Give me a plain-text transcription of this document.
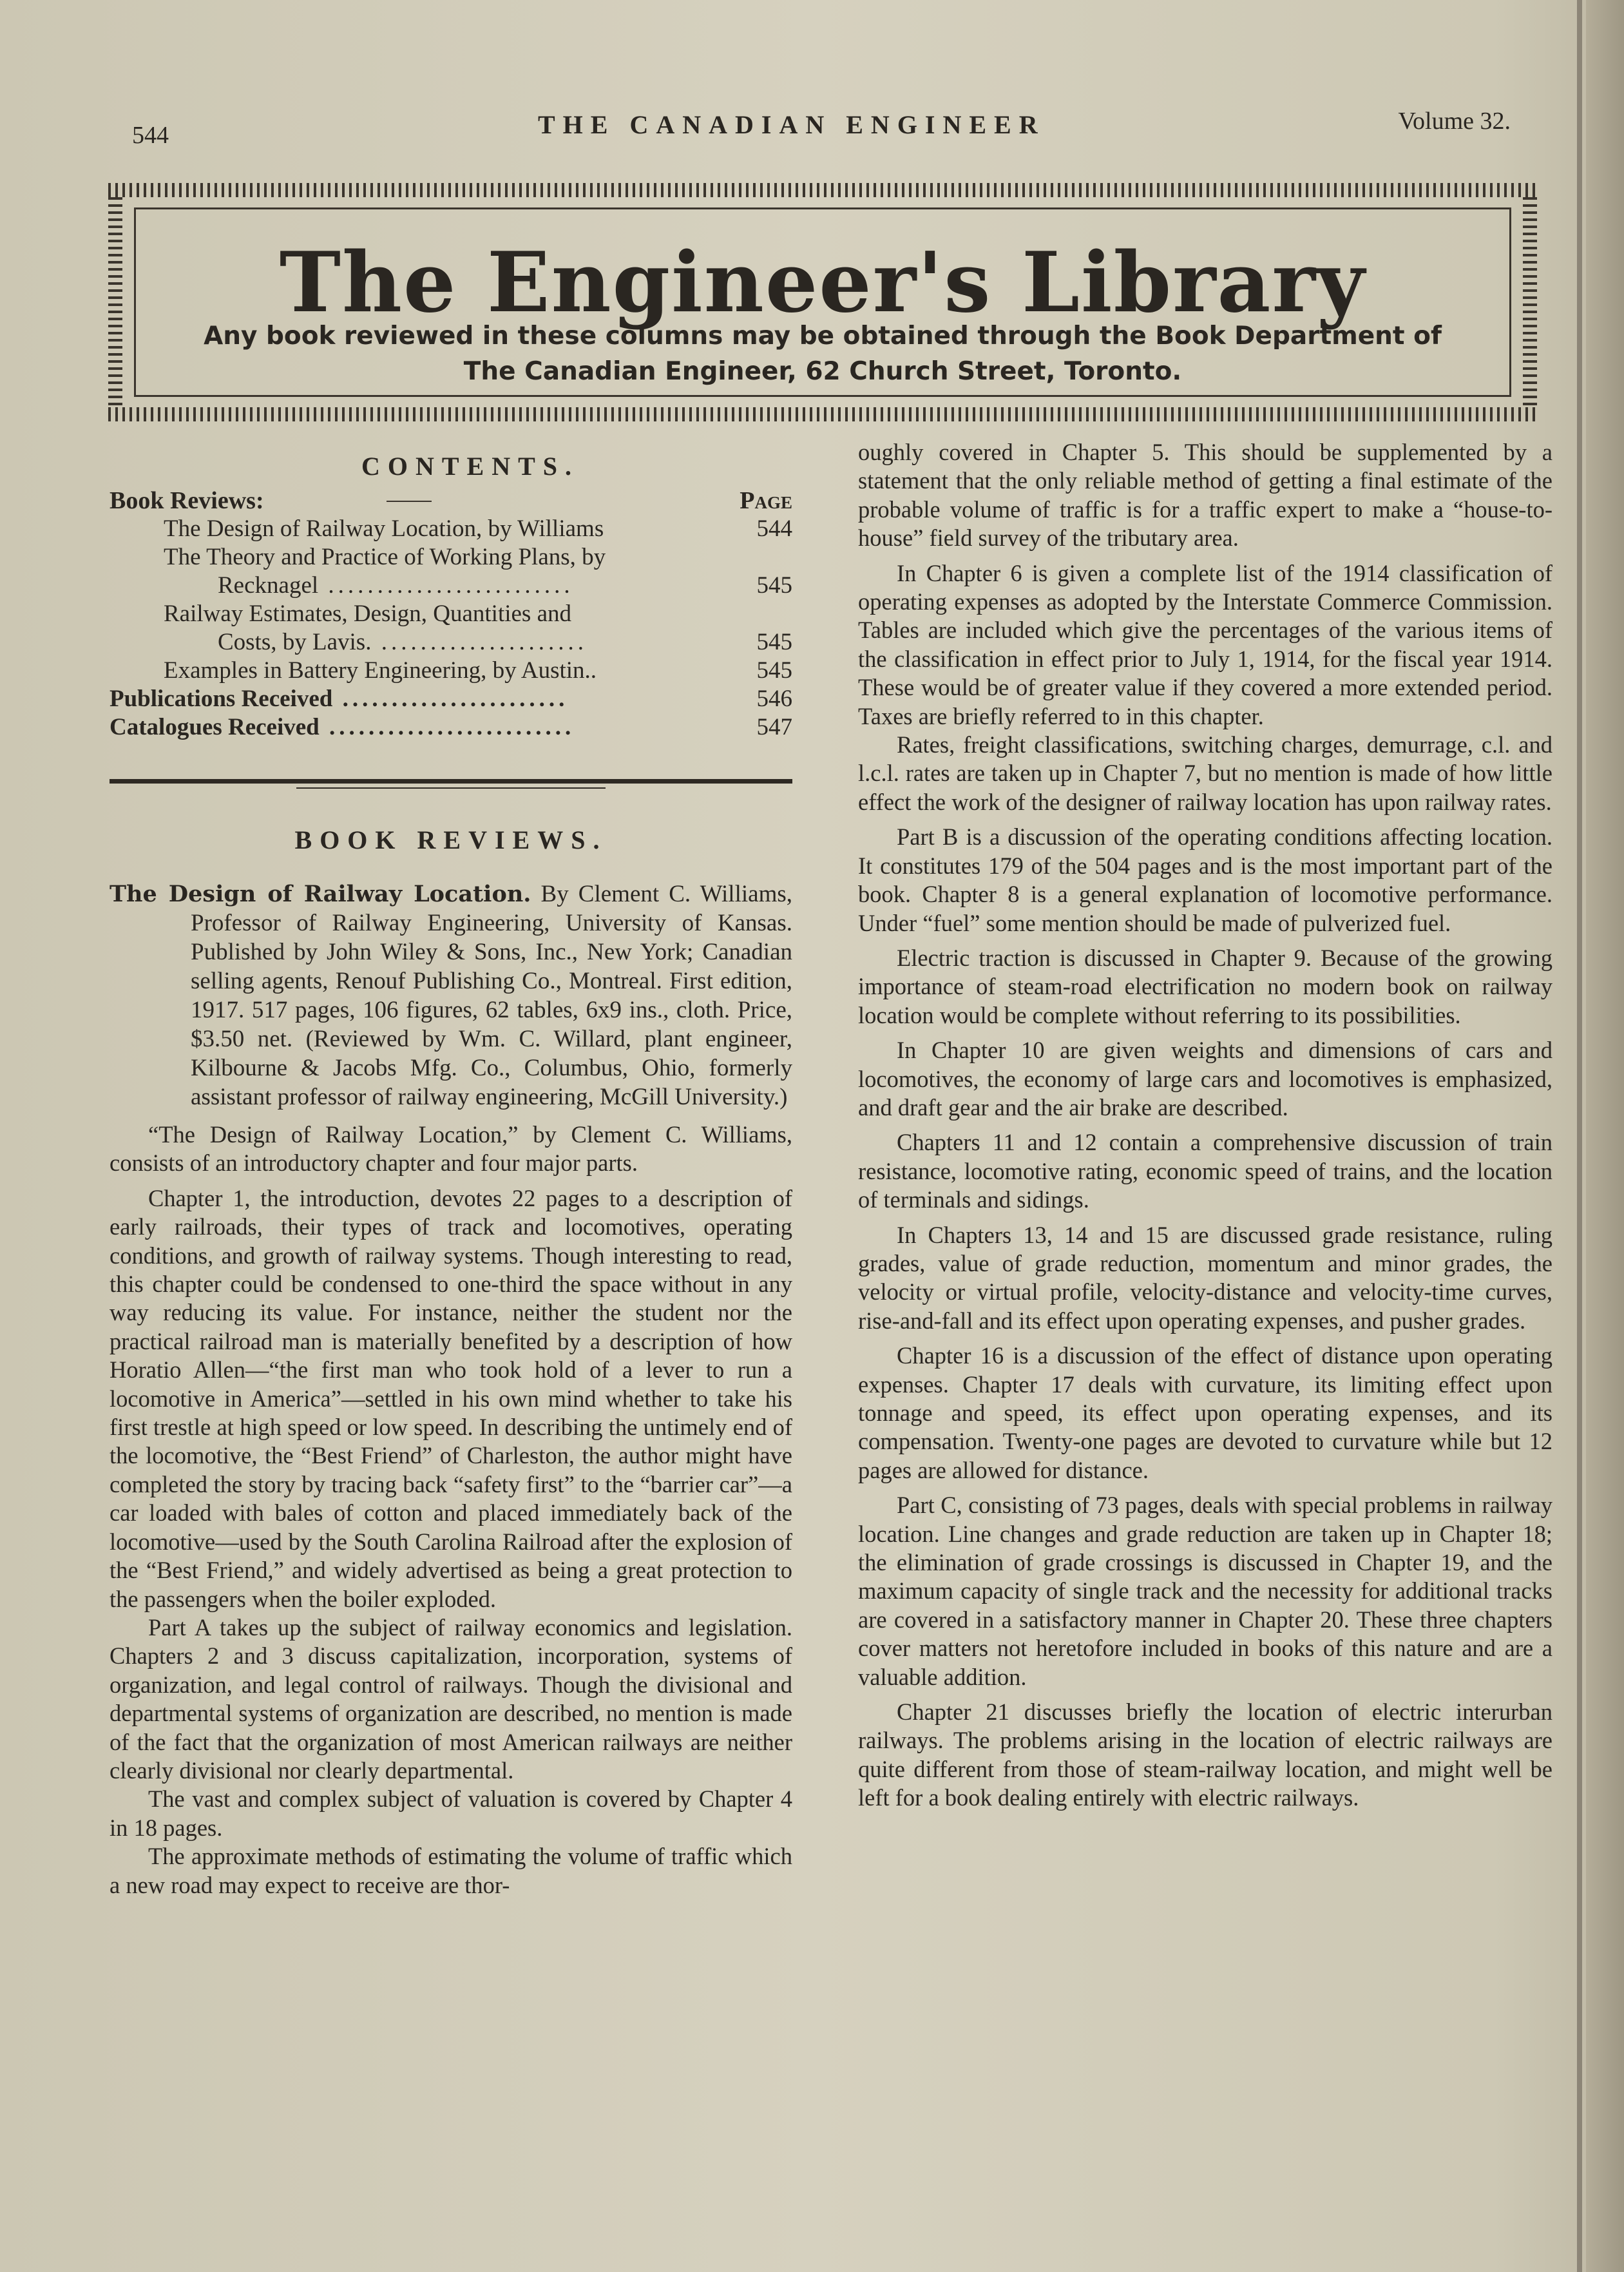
544	THE CANADIAN ENGINEER	Volume 32.
The Engineer's Library
Any book reviewed in these columns may be obtained through the Book Department of
The Canadian Engineer, 62 Church Street, Toronto.
CONTENTS.
Book Reviews:	Page
The Design of Railway Location, by Williams	544
The Theory and Practice of Working Plans, by
Recknagel .........................	545
Railway Estimates, Design, Quantities and
Costs, by Lavis. .....................	545
Examples in Battery Engineering, by Austin..	545
Publications Received .......................	546
Catalogues Received .........................	547
BOOK REVIEWS.
The Design of Railway Location. By Clement C. Williams, Professor of Railway Engineering, University of Kansas. Published by John Wiley & Sons, Inc., New York; Canadian selling agents, Renouf Publishing Co., Montreal. First edition, 1917. 517 pages, 106 figures, 62 tables, 6x9 ins., cloth. Price, $3.50 net. (Reviewed by Wm. C. Willard, plant engineer, Kilbourne & Jacobs Mfg. Co., Columbus, Ohio, formerly assistant professor of railway engineering, McGill University.)

“The Design of Railway Location,” by Clement C. Williams, consists of an introductory chapter and four major parts.

Chapter 1, the introduction, devotes 22 pages to a description of early railroads, their types of track and locomotives, operating conditions, and growth of railway systems. Though interesting to read, this chapter could be condensed to one-third the space without in any way reducing its value. For instance, neither the student nor the practical railroad man is materially benefited by a description of how Horatio Allen—“the first man who took hold of a lever to run a locomotive in America”—settled in his own mind whether to take his first trestle at high speed or low speed. In describing the untimely end of the locomotive, the “Best Friend” of Charleston, the author might have completed the story by tracing back “safety first” to the “barrier car”—a car loaded with bales of cotton and placed immediately back of the locomotive—used by the South Carolina Railroad after the explosion of the “Best Friend,” and widely advertised as being a great protection to the passengers when the boiler exploded.

Part A takes up the subject of railway economics and legislation. Chapters 2 and 3 discuss capitalization, incorporation, systems of organization, and legal control of railways. Though the divisional and departmental systems of organization are described, no mention is made of the fact that the organization of most American railways are neither clearly divisional nor clearly departmental.

The vast and complex subject of valuation is covered by Chapter 4 in 18 pages.

The approximate methods of estimating the volume of traffic which a new road may expect to receive are thor-

oughly covered in Chapter 5. This should be supplemented by a statement that the only reliable method of getting a final estimate of the probable volume of traffic is for a traffic expert to make a “house-to-house” field survey of the tributary area.

In Chapter 6 is given a complete list of the 1914 classification of operating expenses as adopted by the Interstate Commerce Commission. Tables are included which give the percentages of the various items of the classification in effect prior to July 1, 1914, for the fiscal year 1914. These would be of greater value if they covered a more extended period. Taxes are briefly referred to in this chapter.

Rates, freight classifications, switching charges, demurrage, c.l. and l.c.l. rates are taken up in Chapter 7, but no mention is made of how little effect the work of the designer of railway location has upon railway rates.

Part B is a discussion of the operating conditions affecting location. It constitutes 179 of the 504 pages and is the most important part of the book. Chapter 8 is a general explanation of locomotive performance. Under “fuel” some mention should be made of pulverized fuel.

Electric traction is discussed in Chapter 9. Because of the growing importance of steam-road electrification no modern book on railway location would be complete without referring to its possibilities.

In Chapter 10 are given weights and dimensions of cars and locomotives, the economy of large cars and locomotives is emphasized, and draft gear and the air brake are described.

Chapters 11 and 12 contain a comprehensive discussion of train resistance, locomotive rating, economic speed of trains, and the location of terminals and sidings.

In Chapters 13, 14 and 15 are discussed grade resistance, ruling grades, value of grade reduction, momentum and minor grades, the velocity or virtual profile, velocity-distance and velocity-time curves, rise-and-fall and its effect upon operating expenses, and pusher grades.

Chapter 16 is a discussion of the effect of distance upon operating expenses. Chapter 17 deals with curvature, its limiting effect upon tonnage and speed, its effect upon operating expenses, and its compensation. Twenty-one pages are devoted to curvature while but 12 pages are allowed for distance.

Part C, consisting of 73 pages, deals with special problems in railway location. Line changes and grade reduction are taken up in Chapter 18; the elimination of grade crossings is discussed in Chapter 19, and the maximum capacity of single track and the necessity for additional tracks are covered in a satisfactory manner in Chapter 20. These three chapters cover matters not heretofore included in books of this nature and are a valuable addition.

Chapter 21 discusses briefly the location of electric interurban railways. The problems arising in the location of electric railways are quite different from those of steam-railway location, and might well be left for a book dealing entirely with electric railways.
